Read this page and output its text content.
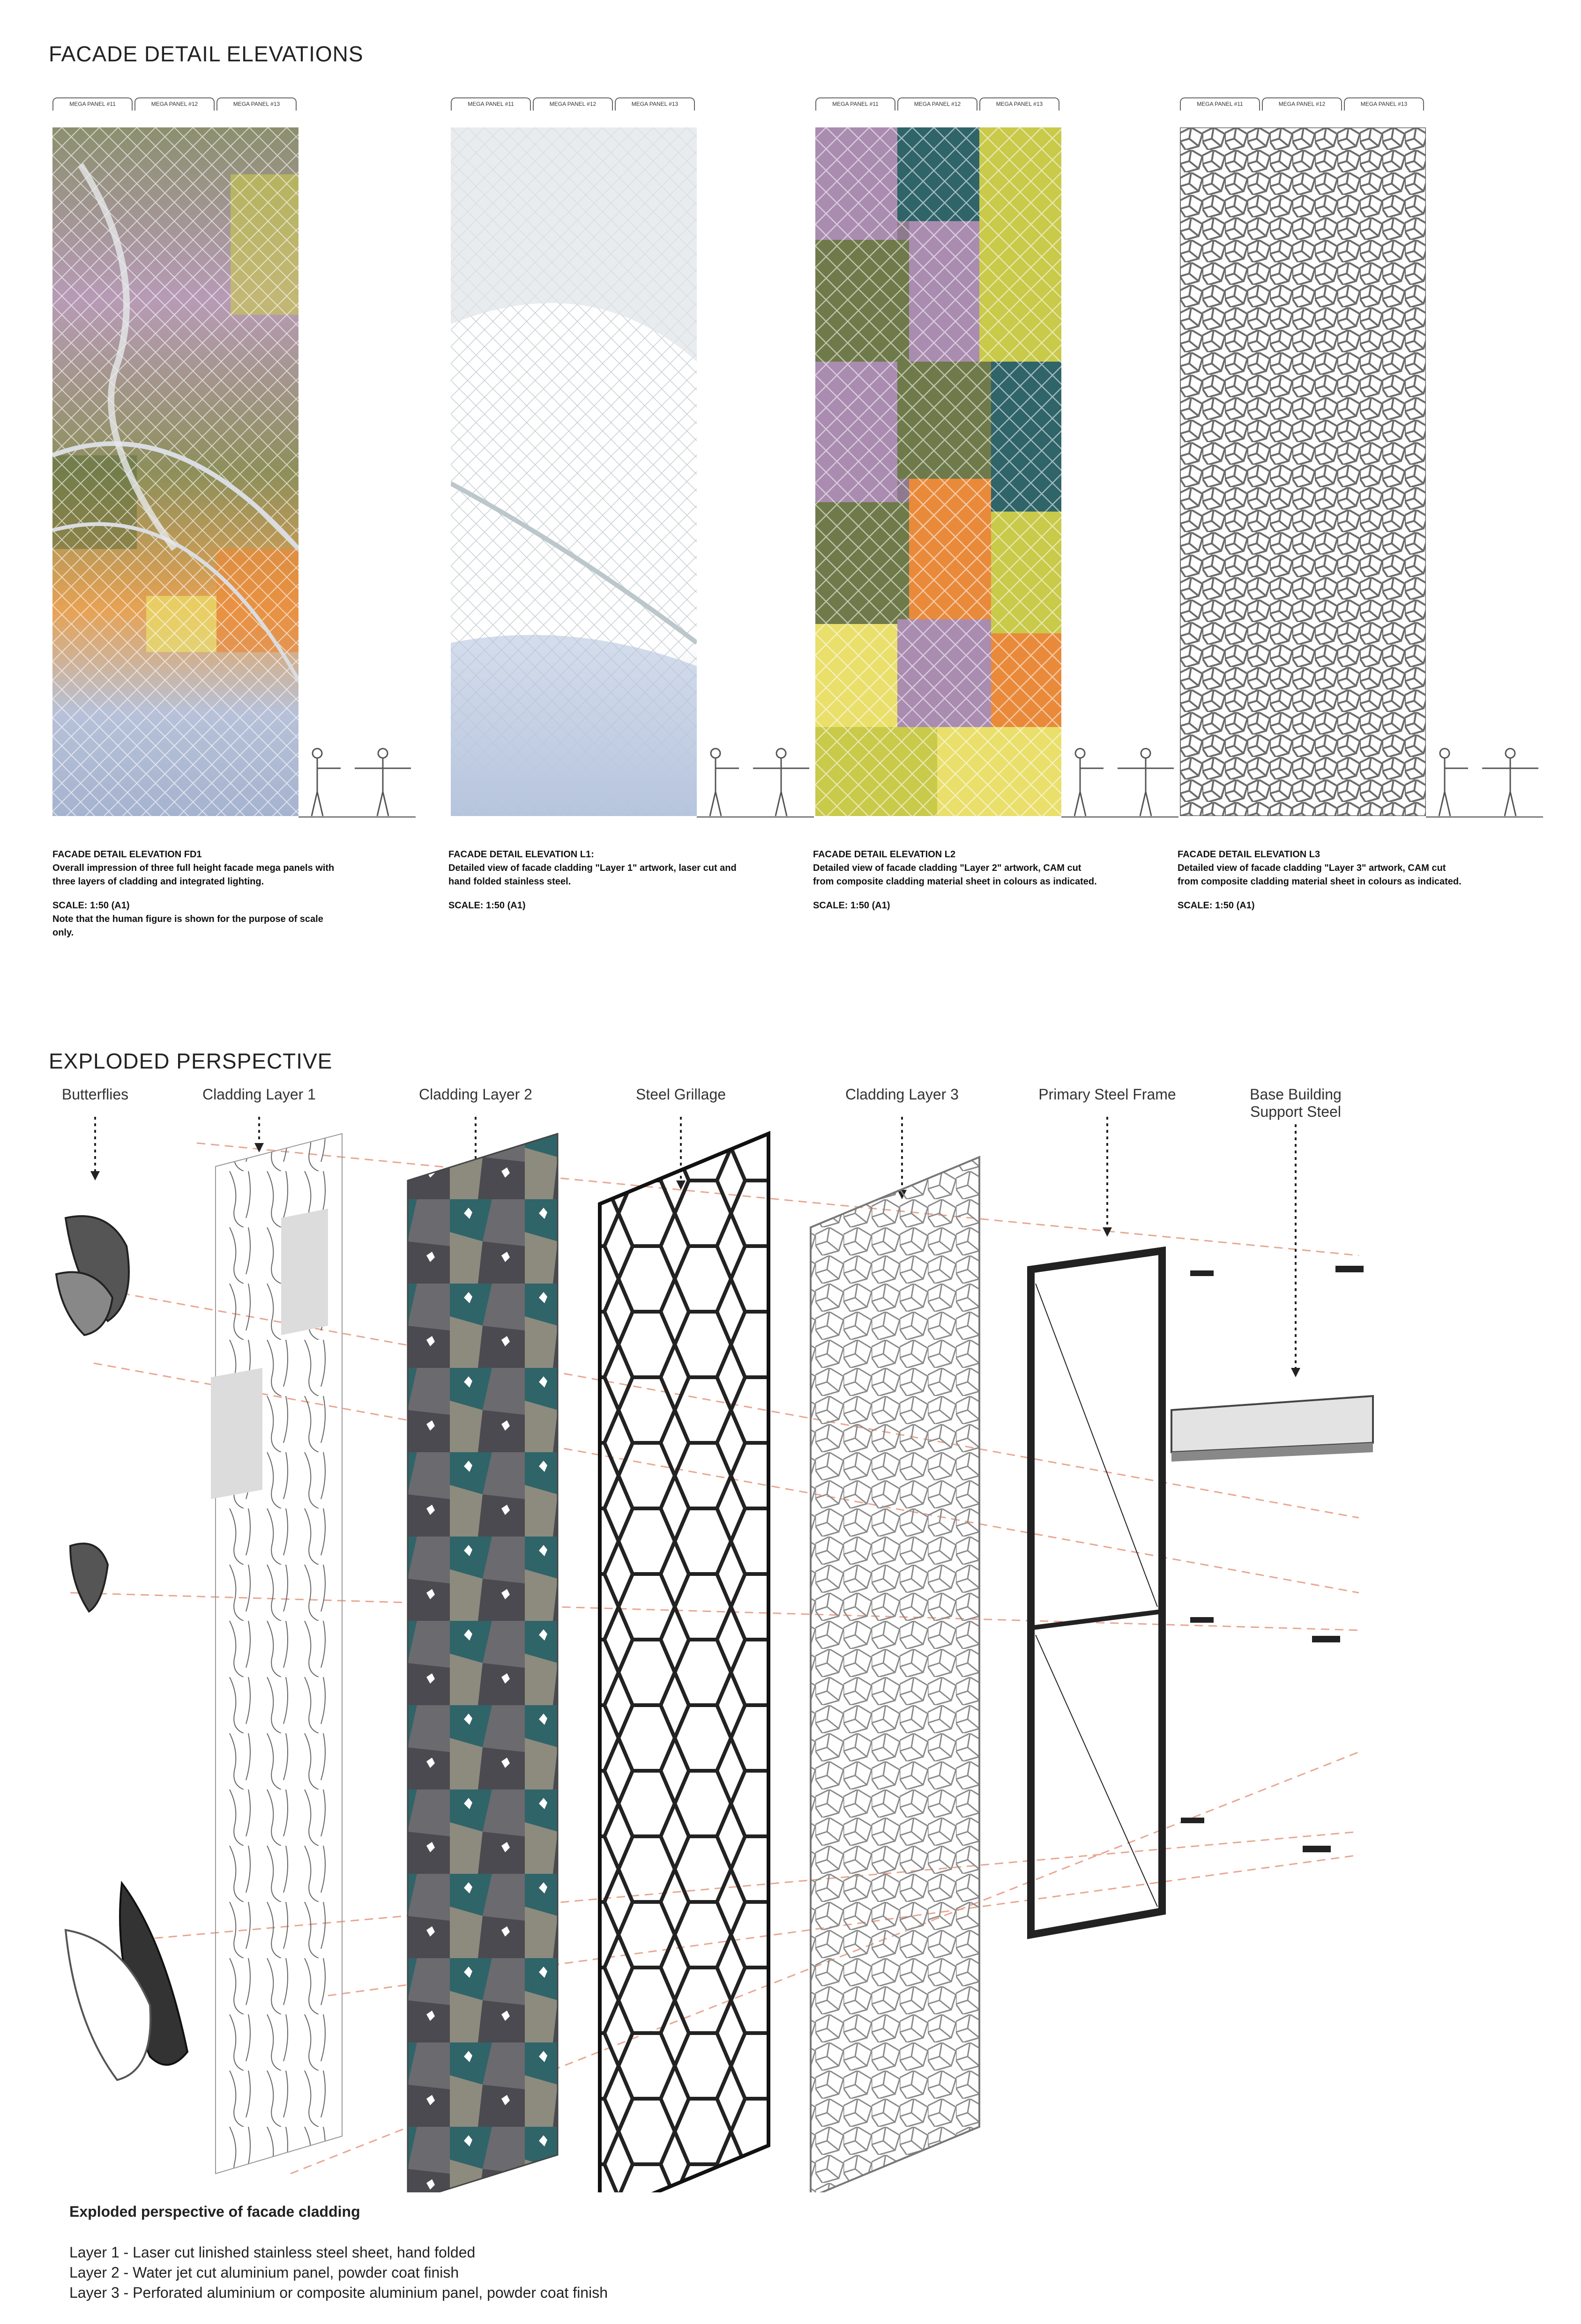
FACADE DETAIL ELEVATIONS
MEGA PANEL #11	MEGA PANEL #12	MEGA PANEL #13	MEGA PANEL #11	MEGA PANEL #12	MEGA PANEL #13	MEGA PANEL #11	MEGA PANEL #12	MEGA PANEL #13	MEGA PANEL #11	MEGA PANEL #12	MEGA PANEL #13
FACADE DETAIL ELEVATION FD1

Overall impression of three full height facade mega panels with three layers of cladding and integrated lighting.

SCALE: 1:50 (A1)

Note that the human figure is shown for the purpose of scale only.

FACADE DETAIL ELEVATION L1:

Detailed view of facade cladding "Layer 1" artwork, laser cut and hand folded stainless steel.

SCALE: 1:50 (A1)
FACADE DETAIL ELEVATION L2

Detailed view of facade cladding "Layer 2" artwork, CAM cut from composite cladding material sheet in colours as indicated.

SCALE: 1:50 (A1)
FACADE DETAIL ELEVATION L3

Detailed view of facade cladding "Layer 3" artwork, CAM cut from composite cladding material sheet in colours as indicated.

SCALE: 1:50 (A1)
EXPLODED PERSPECTIVE
Butterflies	Cladding Layer 1	Cladding Layer 2	Steel Grillage	Cladding Layer 3	Primary Steel Frame	Base Building
Support Steel
Exploded perspective of facade cladding
Layer 1 - Laser cut linished stainless steel sheet, hand folded
Layer 2 - Water jet cut aluminium panel, powder coat finish
Layer 3 - Perforated aluminium or composite aluminium panel, powder coat finish
